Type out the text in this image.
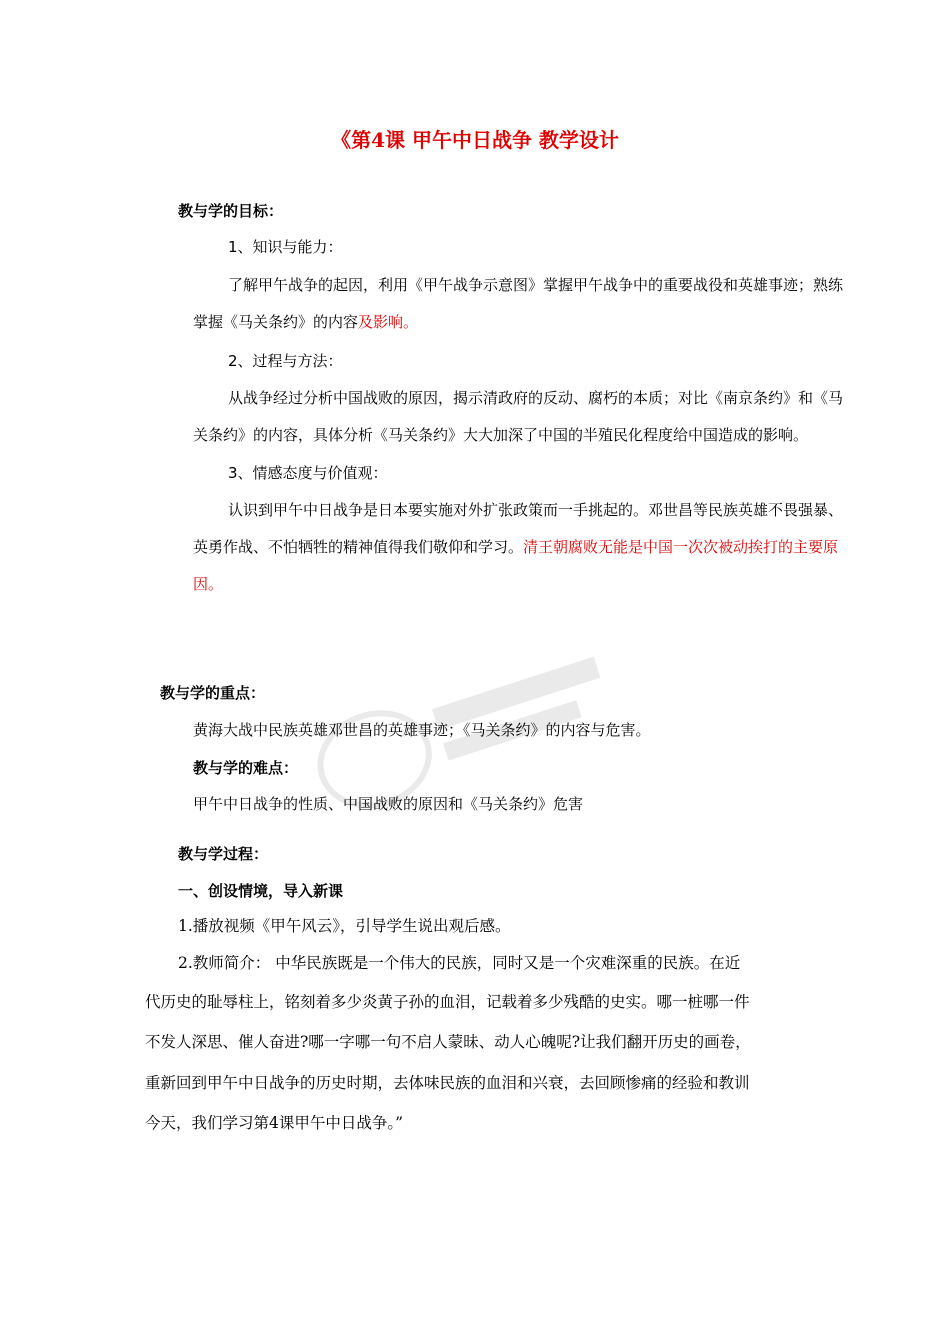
《第4课 甲午中日战争 教学设计
教与学的目标：
1、知识与能力：
了解甲午战争的起因，利用《甲午战争示意图》掌握甲午战争中的重要战役和英雄事迹；熟练
掌握《马关条约》的内容及影响。
2、过程与方法：
从战争经过分析中国战败的原因，揭示清政府的反动、腐朽的本质；对比《南京条约》和《马
关条约》的内容，具体分析《马关条约》大大加深了中国的半殖民化程度给中国造成的影响。
3、情感态度与价值观：
认识到甲午中日战争是日本要实施对外扩张政策而一手挑起的。邓世昌等民族英雄不畏强暴、
英勇作战、不怕牺牲的精神值得我们敬仰和学习。清王朝腐败无能是中国一次次被动挨打的主要原
因。
教与学的重点：
黄海大战中民族英雄邓世昌的英雄事迹；《马关条约》的内容与危害。
教与学的难点：
甲午中日战争的性质、中国战败的原因和《马关条约》危害
教与学过程：
一、创设情境，导入新课
1.播放视频《甲午风云》，引导学生说出观后感。
2.教师简介： 中华民族既是一个伟大的民族，同时又是一个灾难深重的民族。在近
代历史的耻辱柱上，铭刻着多少炎黄子孙的血泪，记载着多少残酷的史实。哪一桩哪一件
不发人深思、催人奋进?哪一字哪一句不启人蒙昧、动人心魄呢?让我们翻开历史的画卷，
重新回到甲午中日战争的历史时期，去体味民族的血泪和兴衰，去回顾惨痛的经验和教训
今天，我们学习第4课甲午中日战争。”
